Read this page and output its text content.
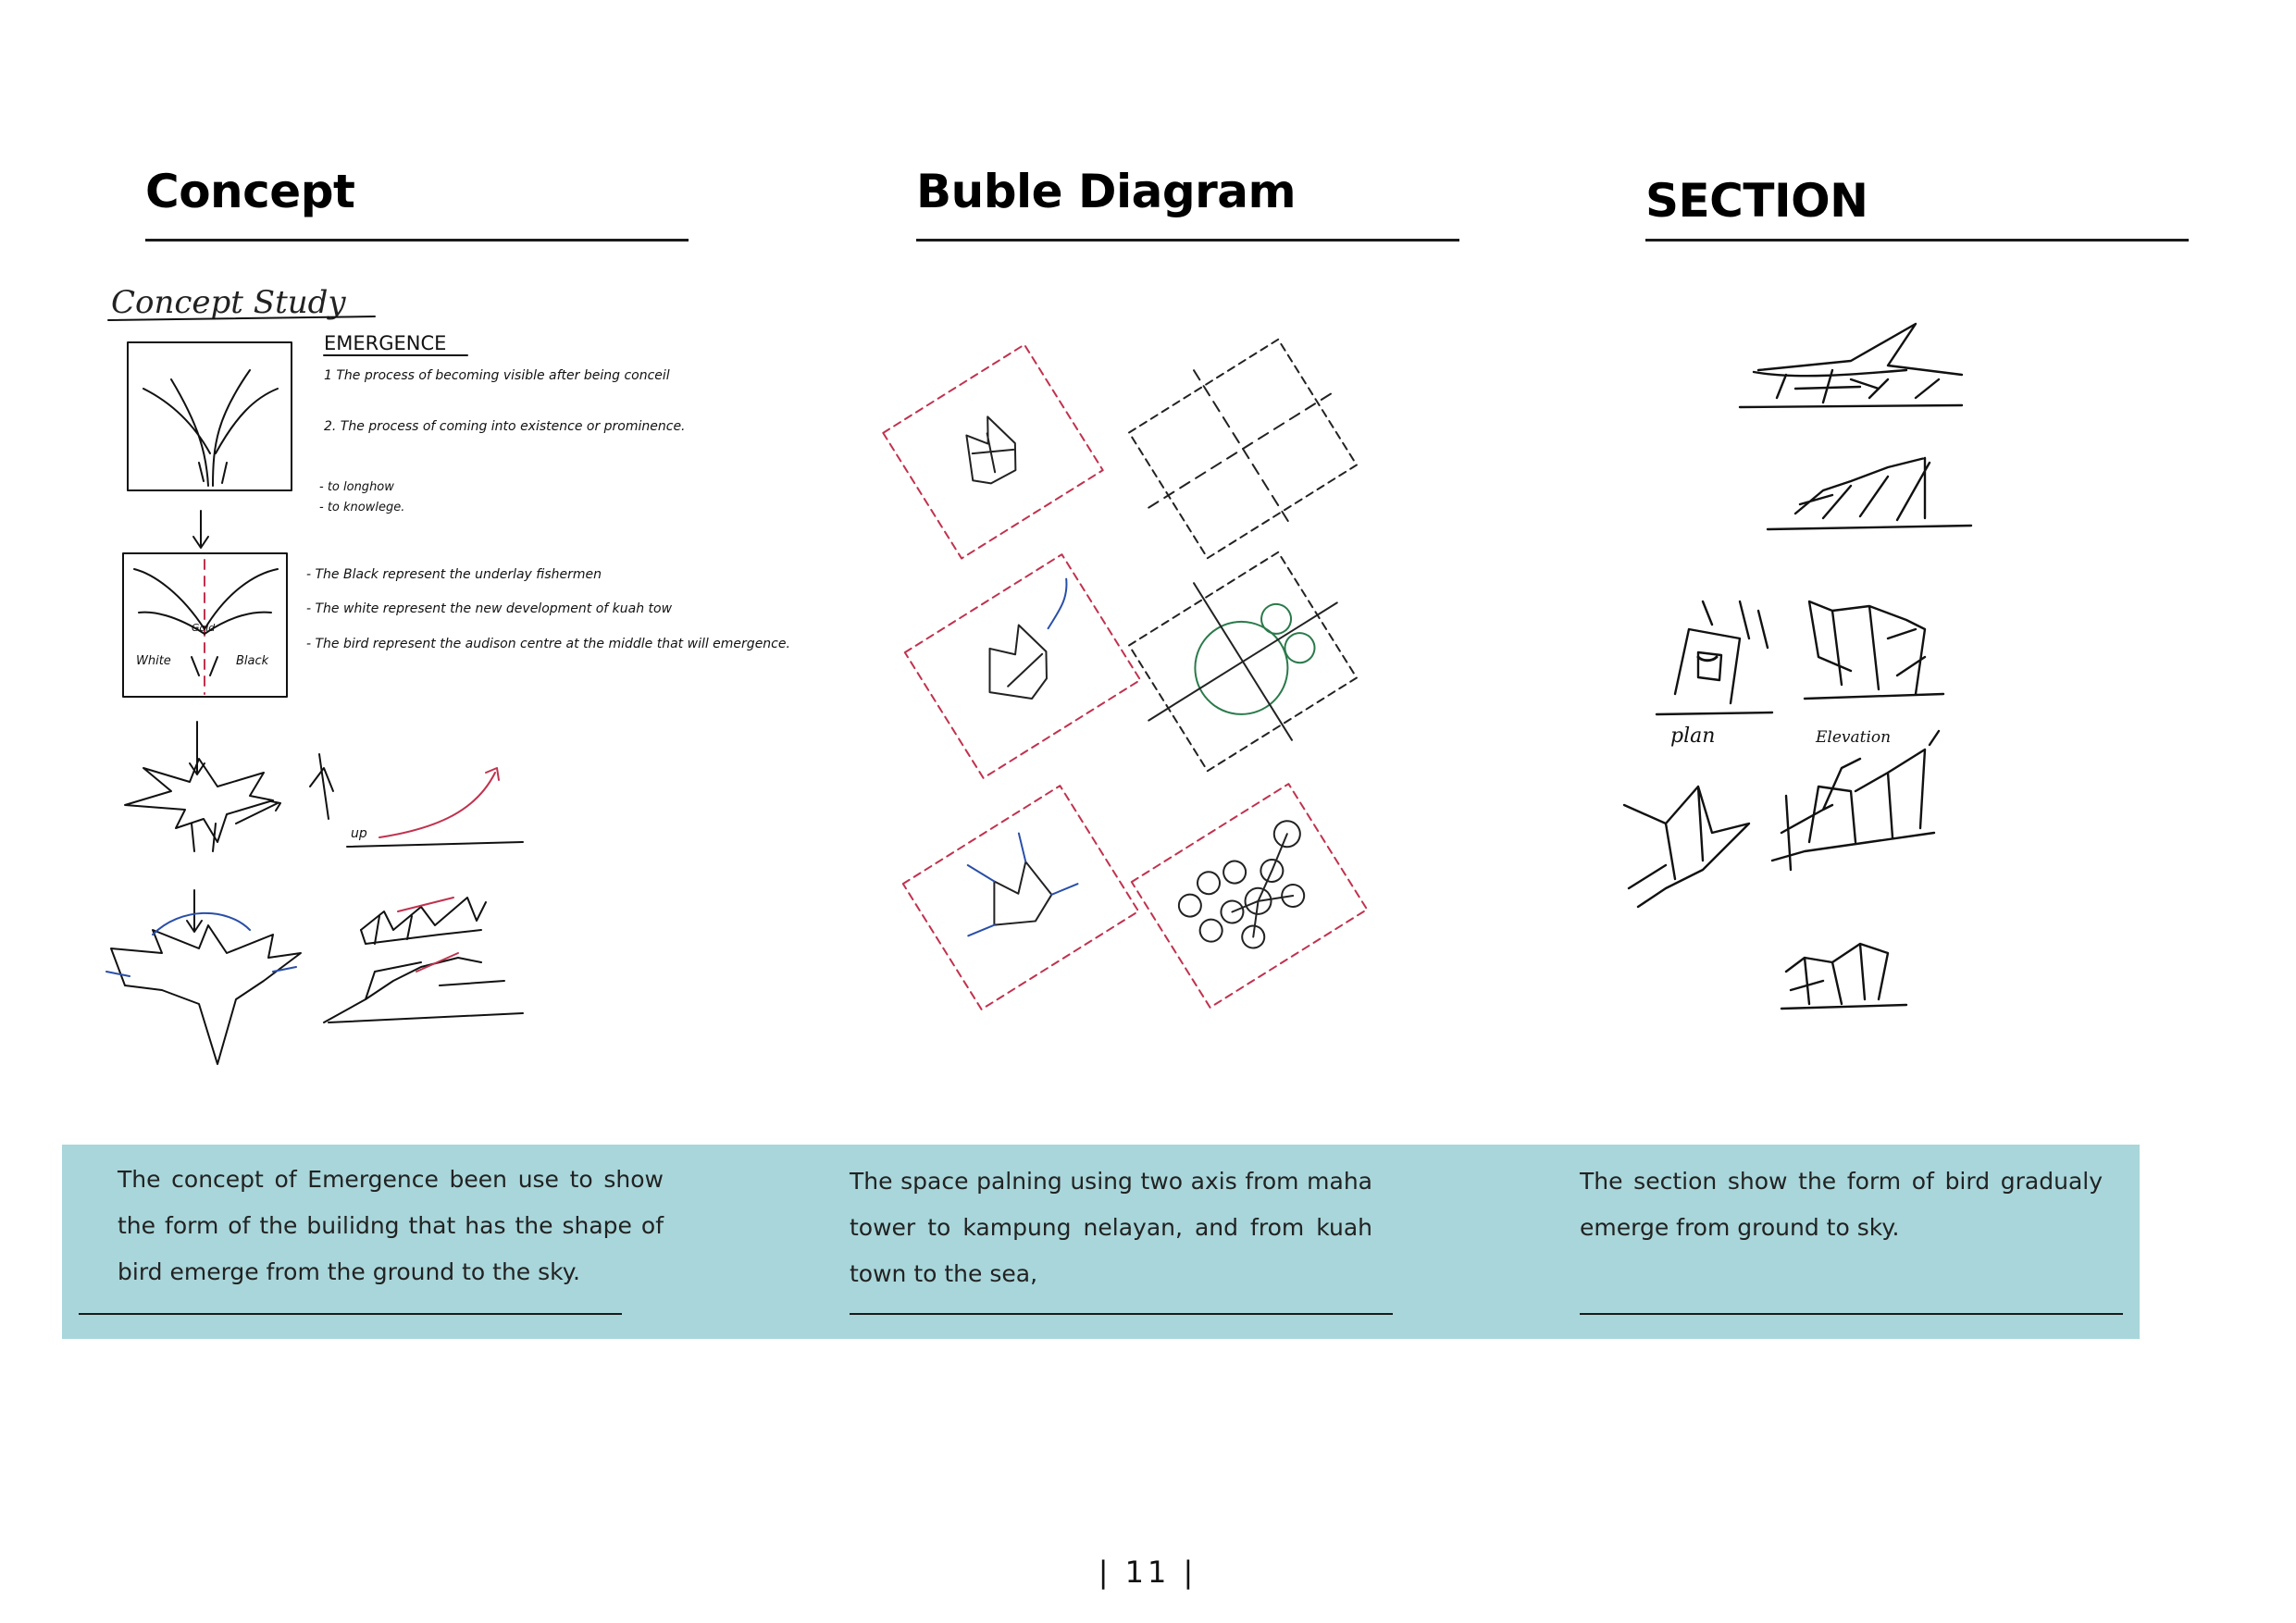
Concept
Concept Study
EMERGENCE
1 The process of becoming visible after being conceil
2. The process of coming into existence or prominence.
- to longhow
- to knowlege.
Gold
White	Black
- The Black represent the underlay fishermen
- The white represent the new development of kuah tow
- The bird represent the audison centre at the middle that will emergence.
up
Buble Diagram	SECTION
plan	Elevation

The concept of Emergence been use to show the form of the builidng that has the shape of bird emerge from the ground to the sky.

The space palning using two axis from maha tower to kampung nelayan, and from kuah town to the sea,

The section show the form of bird gradualy emerge from ground to sky.

| 11 |
